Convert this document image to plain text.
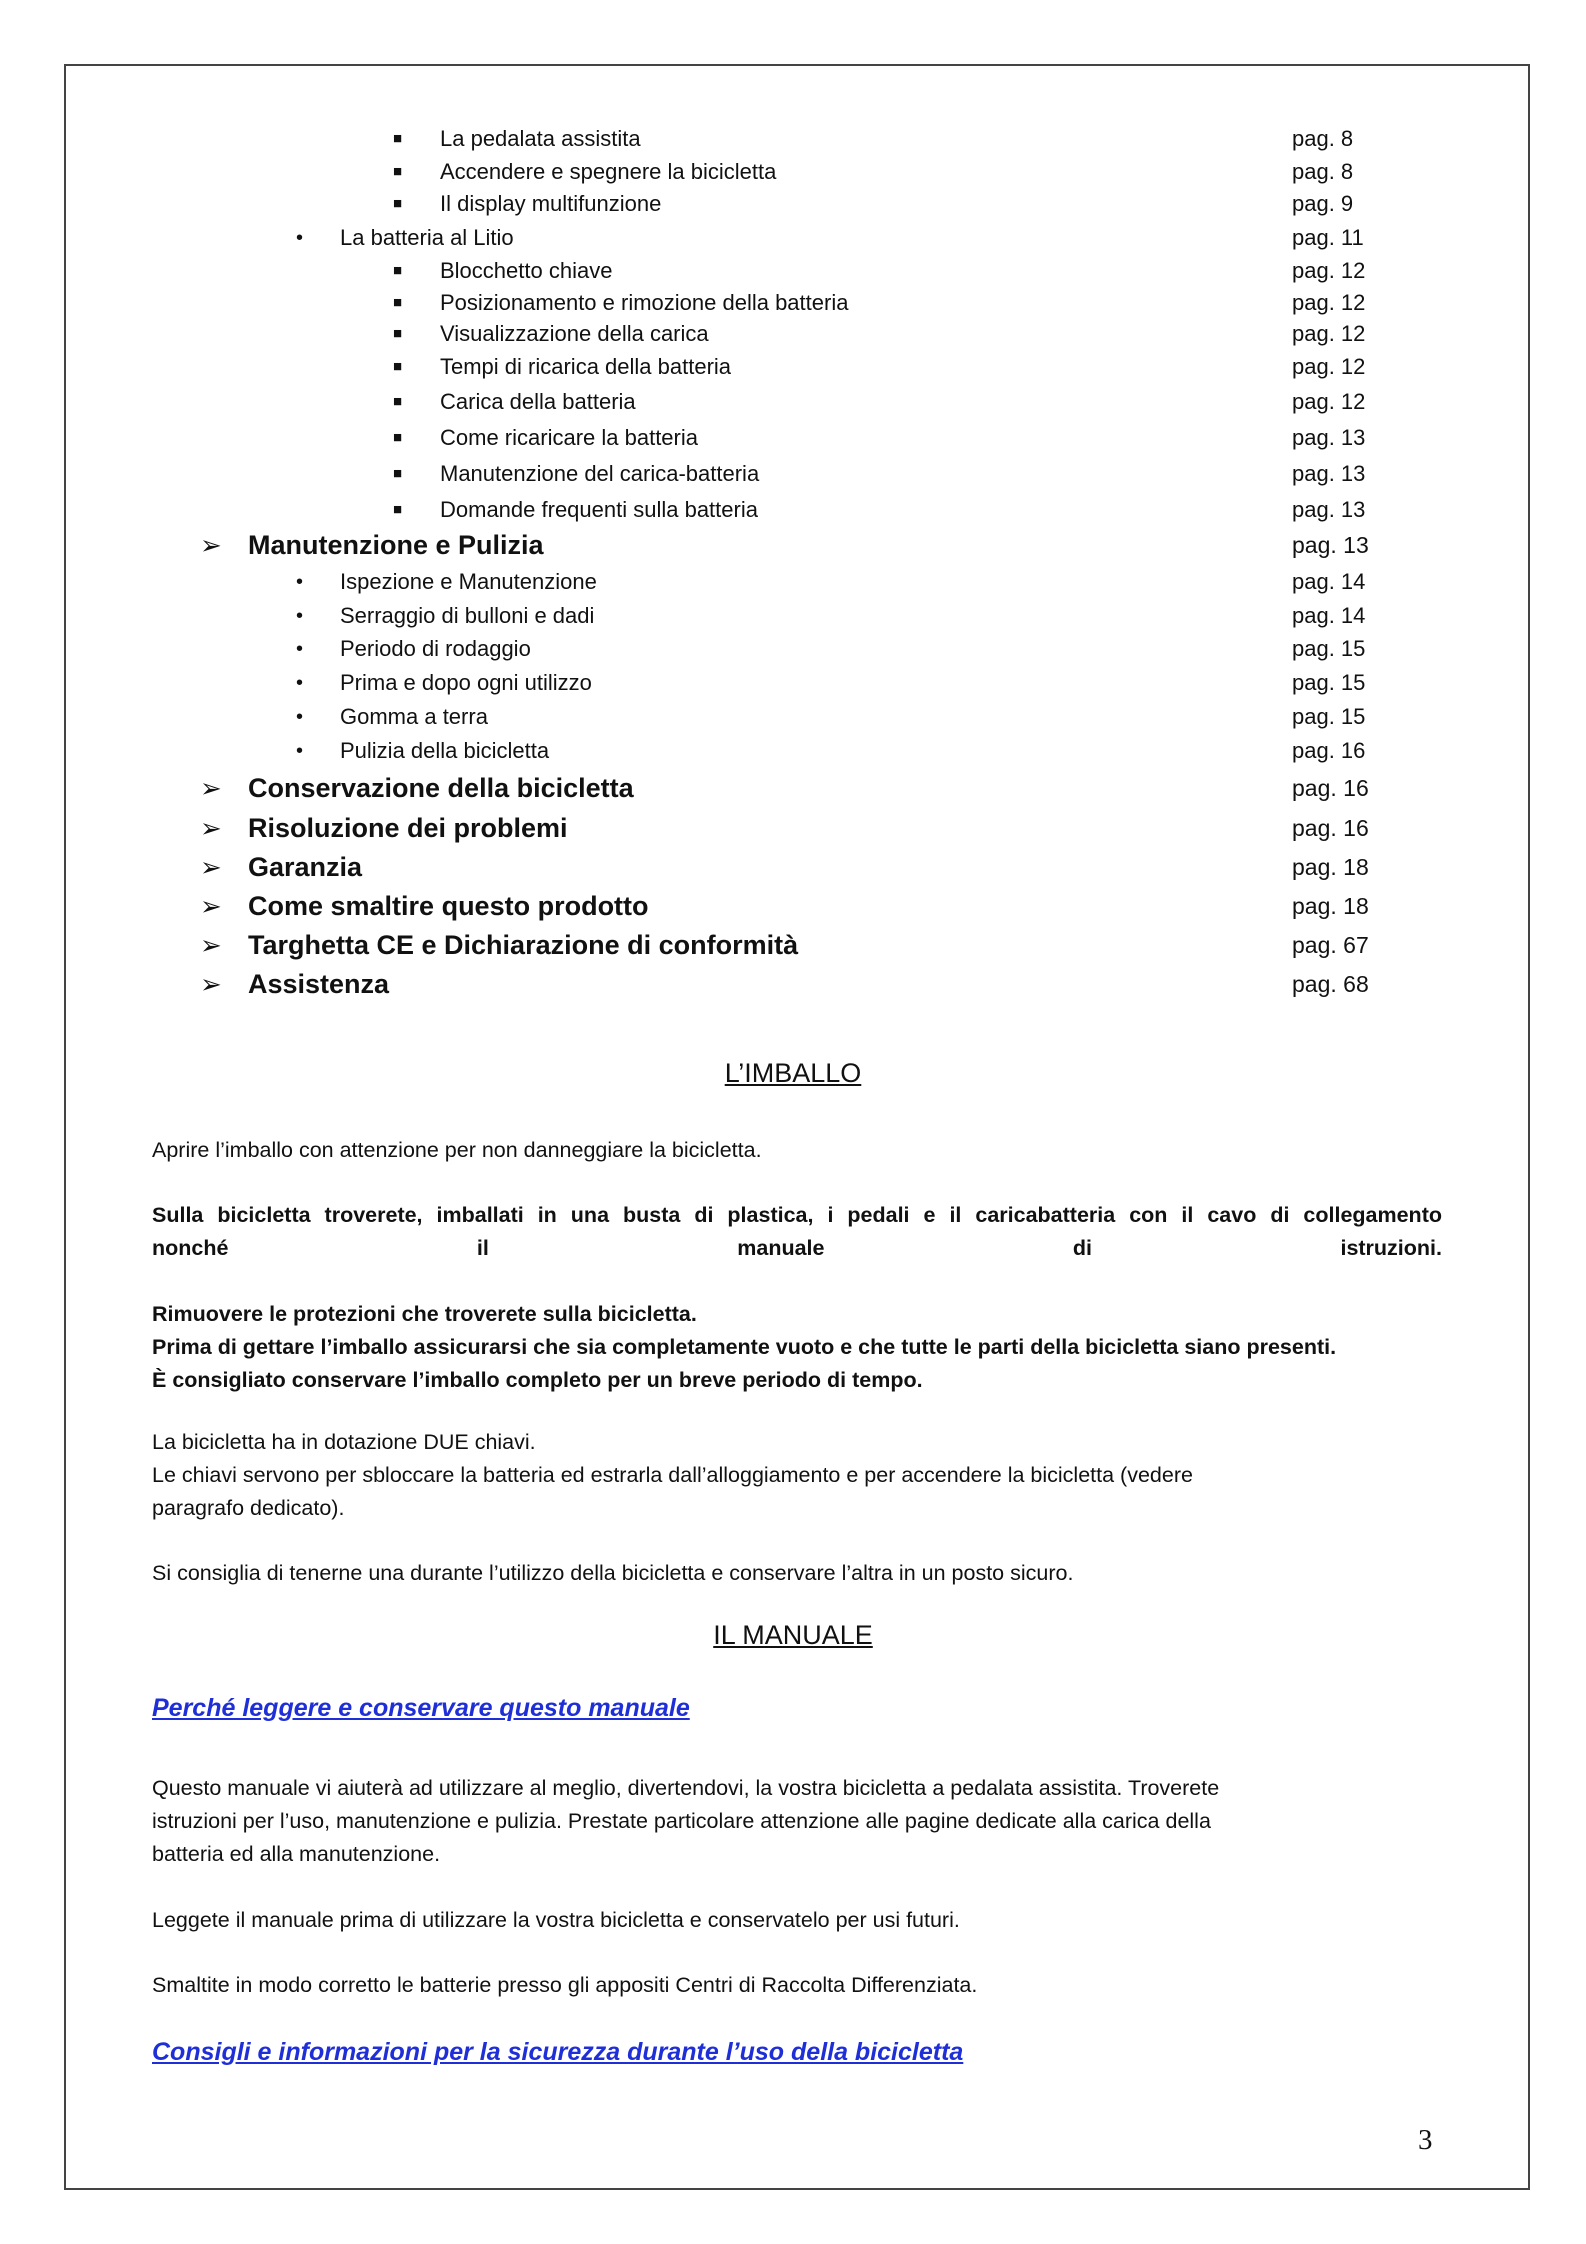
■ La pedalata assistita	pag. 8
■ Accendere e spegnere la bicicletta	pag. 8
■ Il display multifunzione	pag. 9
• La batteria al Litio	pag. 11
■ Blocchetto chiave	pag. 12
■ Posizionamento e rimozione della batteria	pag. 12
■ Visualizzazione della carica	pag. 12
■ Tempi di ricarica della batteria	pag. 12
■ Carica della batteria	pag. 12
■ Come ricaricare la batteria	pag. 13
■ Manutenzione del carica-batteria	pag. 13
■ Domande frequenti sulla batteria	pag. 13
➢ Manutenzione e Pulizia	pag. 13
• Ispezione e Manutenzione	pag. 14
• Serraggio di bulloni e dadi	pag. 14
• Periodo di rodaggio	pag. 15
• Prima e dopo ogni utilizzo	pag. 15
• Gomma a terra	pag. 15
• Pulizia della bicicletta	pag. 16
➢ Conservazione della bicicletta	pag. 16
➢ Risoluzione dei problemi	pag. 16
➢ Garanzia	pag. 18
➢ Come smaltire questo prodotto	pag. 18
➢ Targhetta CE e Dichiarazione di conformità	pag. 67
➢ Assistenza	pag. 68
L’IMBALLO
Aprire l’imballo con attenzione per non danneggiare la bicicletta.
Sulla bicicletta troverete, imballati in una busta di plastica, i pedali e il caricabatteria con il cavo di collegamento
nonché il manuale di istruzioni.
Rimuovere le protezioni che troverete sulla bicicletta.
Prima di gettare l’imballo assicurarsi che sia completamente vuoto e che tutte le parti della bicicletta siano presenti.
È consigliato conservare l’imballo completo per un breve periodo di tempo.
La bicicletta ha in dotazione DUE chiavi.
Le chiavi servono per sbloccare la batteria ed estrarla dall’alloggiamento e per accendere la bicicletta (vedere
paragrafo dedicato).
Si consiglia di tenerne una durante l’utilizzo della bicicletta e conservare l’altra in un posto sicuro.
IL MANUALE
Perché leggere e conservare questo manuale
Questo manuale vi aiuterà ad utilizzare al meglio, divertendovi, la vostra bicicletta a pedalata assistita. Troverete
istruzioni per l’uso, manutenzione e pulizia. Prestate particolare attenzione alle pagine dedicate alla carica della
batteria ed alla manutenzione.
Leggete il manuale prima di utilizzare la vostra bicicletta e conservatelo per usi futuri.
Smaltite in modo corretto le batterie presso gli appositi Centri di Raccolta Differenziata.
Consigli e informazioni per la sicurezza durante l’uso della bicicletta
3
